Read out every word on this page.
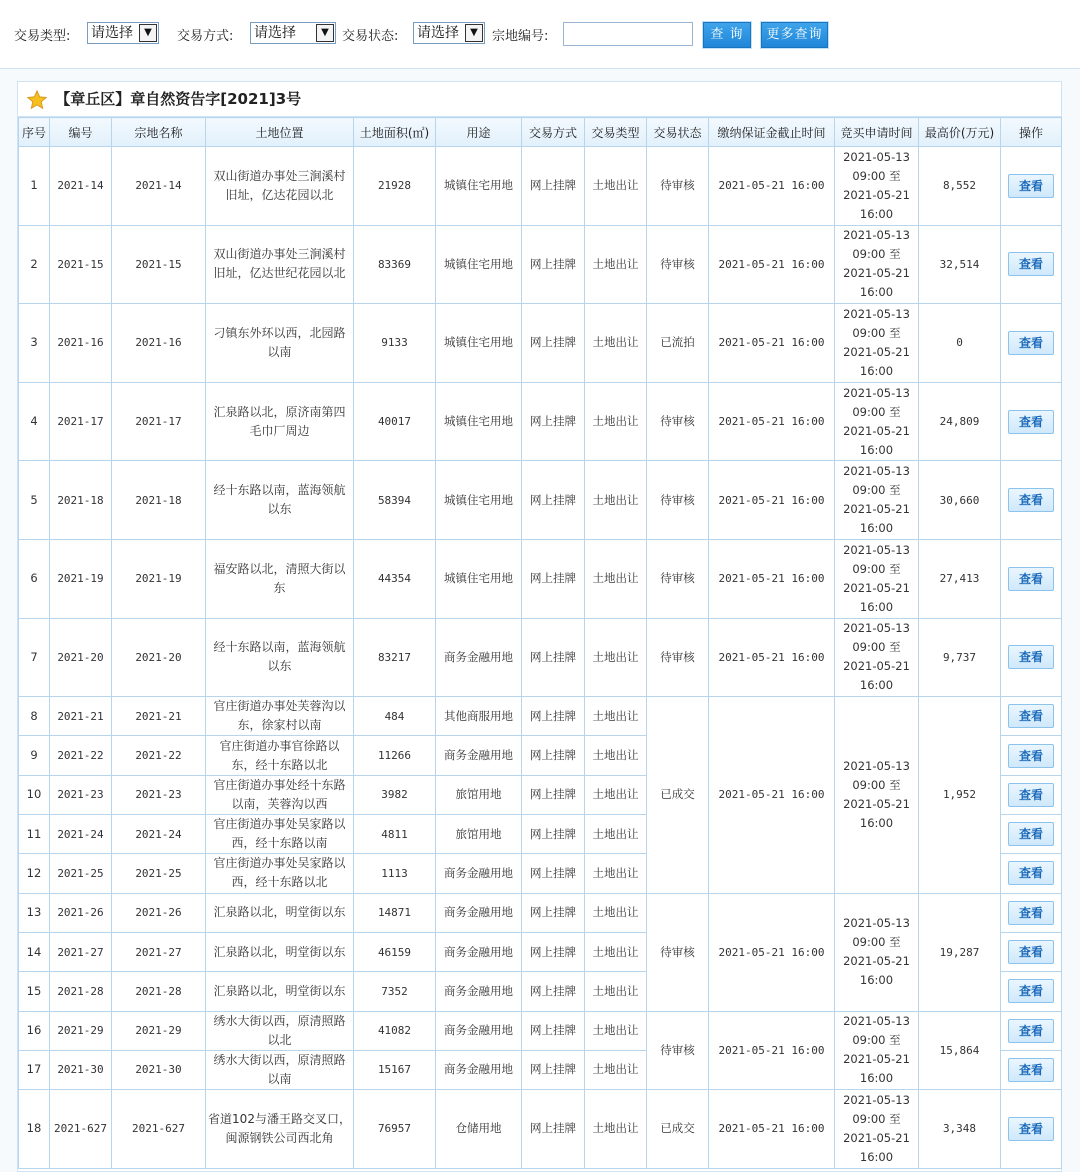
交易类型: 请选择	▼	交易方式: 请选择	▼	交易状态: 请选择	▼	宗地编号:	查 询	更多查询
【章丘区】章自然资告字[2021]3号
序号	编号	宗地名称	土地位置	土地面积(㎡)	用途	交易方式	交易类型	交易状态	缴纳保证金截止时间	竞买申请时间	最高价(万元)	操作
1	2021-14	2021-14	双山街道办事处三涧溪村旧址，亿达花园以北	21928	城镇住宅用地	网上挂牌	土地出让	待审核	2021-05-21 16:00	2021-05-13
09:00 至
2021-05-21
16:00	8,552	查看
2	2021-15	2021-15	双山街道办事处三涧溪村旧址，亿达世纪花园以北	83369	城镇住宅用地	网上挂牌	土地出让	待审核	2021-05-21 16:00	2021-05-13
09:00 至
2021-05-21
16:00	32,514	查看
3	2021-16	2021-16	刁镇东外环以西，北园路以南	9133	城镇住宅用地	网上挂牌	土地出让	已流拍	2021-05-21 16:00	2021-05-13
09:00 至
2021-05-21
16:00	0	查看
4	2021-17	2021-17	汇泉路以北，原济南第四毛巾厂周边	40017	城镇住宅用地	网上挂牌	土地出让	待审核	2021-05-21 16:00	2021-05-13
09:00 至
2021-05-21
16:00	24,809	查看
5	2021-18	2021-18	经十东路以南，蓝海领航以东	58394	城镇住宅用地	网上挂牌	土地出让	待审核	2021-05-21 16:00	2021-05-13
09:00 至
2021-05-21
16:00	30,660	查看
6	2021-19	2021-19	福安路以北，清照大街以东	44354	城镇住宅用地	网上挂牌	土地出让	待审核	2021-05-21 16:00	2021-05-13
09:00 至
2021-05-21
16:00	27,413	查看
7	2021-20	2021-20	经十东路以南，蓝海领航以东	83217	商务金融用地	网上挂牌	土地出让	待审核	2021-05-21 16:00	2021-05-13
09:00 至
2021-05-21
16:00	9,737	查看
8	2021-21	2021-21	官庄街道办事处芙蓉沟以东，徐家村以南	484	其他商服用地	网上挂牌	土地出让	已成交	2021-05-21 16:00	2021-05-13
09:00 至
2021-05-21
16:00	1,952	查看
9	2021-22	2021-22	官庄街道办事官徐路以东，经十东路以北	11266	商务金融用地	网上挂牌	土地出让					查看
10	2021-23	2021-23	官庄街道办事处经十东路以南，芙蓉沟以西	3982	旅馆用地	网上挂牌	土地出让					查看
11	2021-24	2021-24	官庄街道办事处吴家路以西，经十东路以南	4811	旅馆用地	网上挂牌	土地出让					查看
12	2021-25	2021-25	官庄街道办事处吴家路以西，经十东路以北	1113	商务金融用地	网上挂牌	土地出让					查看
13	2021-26	2021-26	汇泉路以北，明堂街以东	14871	商务金融用地	网上挂牌	土地出让	待审核	2021-05-21 16:00	2021-05-13
09:00 至
2021-05-21
16:00	19,287	查看
14	2021-27	2021-27	汇泉路以北，明堂街以东	46159	商务金融用地	网上挂牌	土地出让					查看
15	2021-28	2021-28	汇泉路以北，明堂街以东	7352	商务金融用地	网上挂牌	土地出让					查看
16	2021-29	2021-29	绣水大街以西，原清照路以北	41082	商务金融用地	网上挂牌	土地出让	待审核	2021-05-21 16:00	2021-05-13
09:00 至
2021-05-21
16:00	15,864	查看
17	2021-30	2021-30	绣水大街以西，原清照路以南	15167	商务金融用地	网上挂牌	土地出让					查看
18	2021-627	2021-627	省道102与潘王路交叉口，闽源钢铁公司西北角	76957	仓储用地	网上挂牌	土地出让	已成交	2021-05-21 16:00	2021-05-13
09:00 至
2021-05-21
16:00	3,348	查看
